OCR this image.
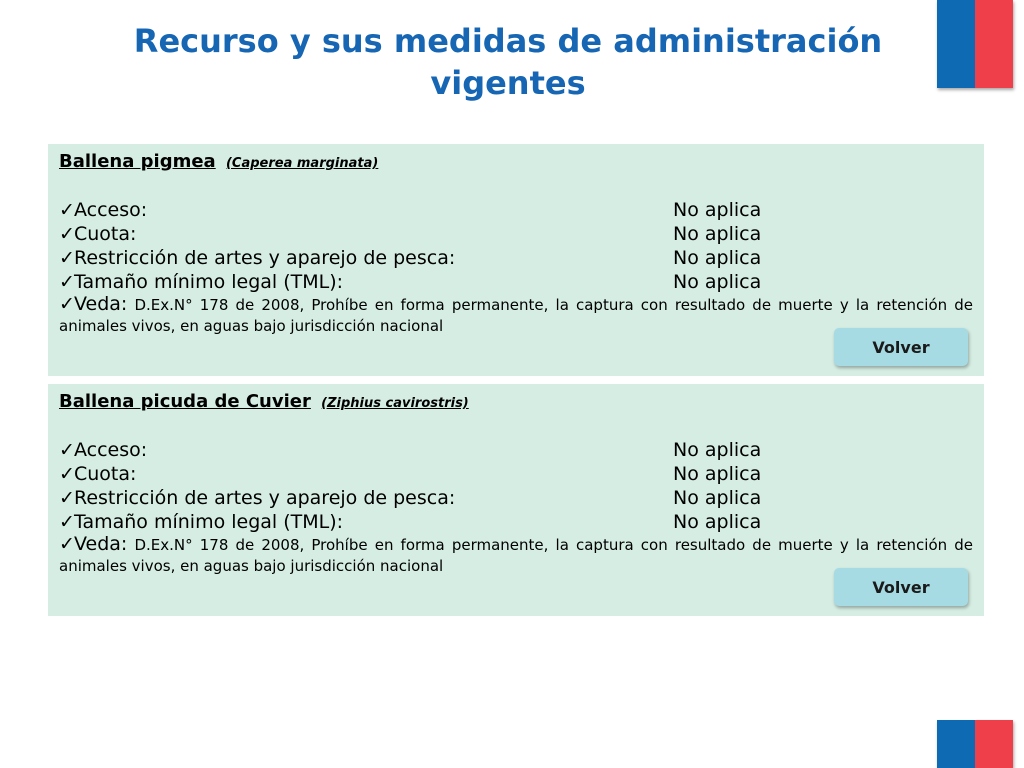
Recurso y sus medidas de administración vigentes
Ballena pigmea (Caperea marginata)
✓Acceso:	No aplica
✓Cuota:	No aplica
✓Restricción de artes y aparejo de pesca:	No aplica
✓Tamaño mínimo legal (TML):	No aplica
✓Veda: D.Ex.N° 178 de 2008, Prohíbe en forma permanente, la captura con resultado de muerte y la retención de animales vivos, en aguas bajo jurisdicción nacional
Volver
Ballena picuda de Cuvier (Ziphius cavirostris)
✓Acceso:	No aplica
✓Cuota:	No aplica
✓Restricción de artes y aparejo de pesca:	No aplica
✓Tamaño mínimo legal (TML):	No aplica
✓Veda: D.Ex.N° 178 de 2008, Prohíbe en forma permanente, la captura con resultado de muerte y la retención de animales vivos, en aguas bajo jurisdicción nacional
Volver
